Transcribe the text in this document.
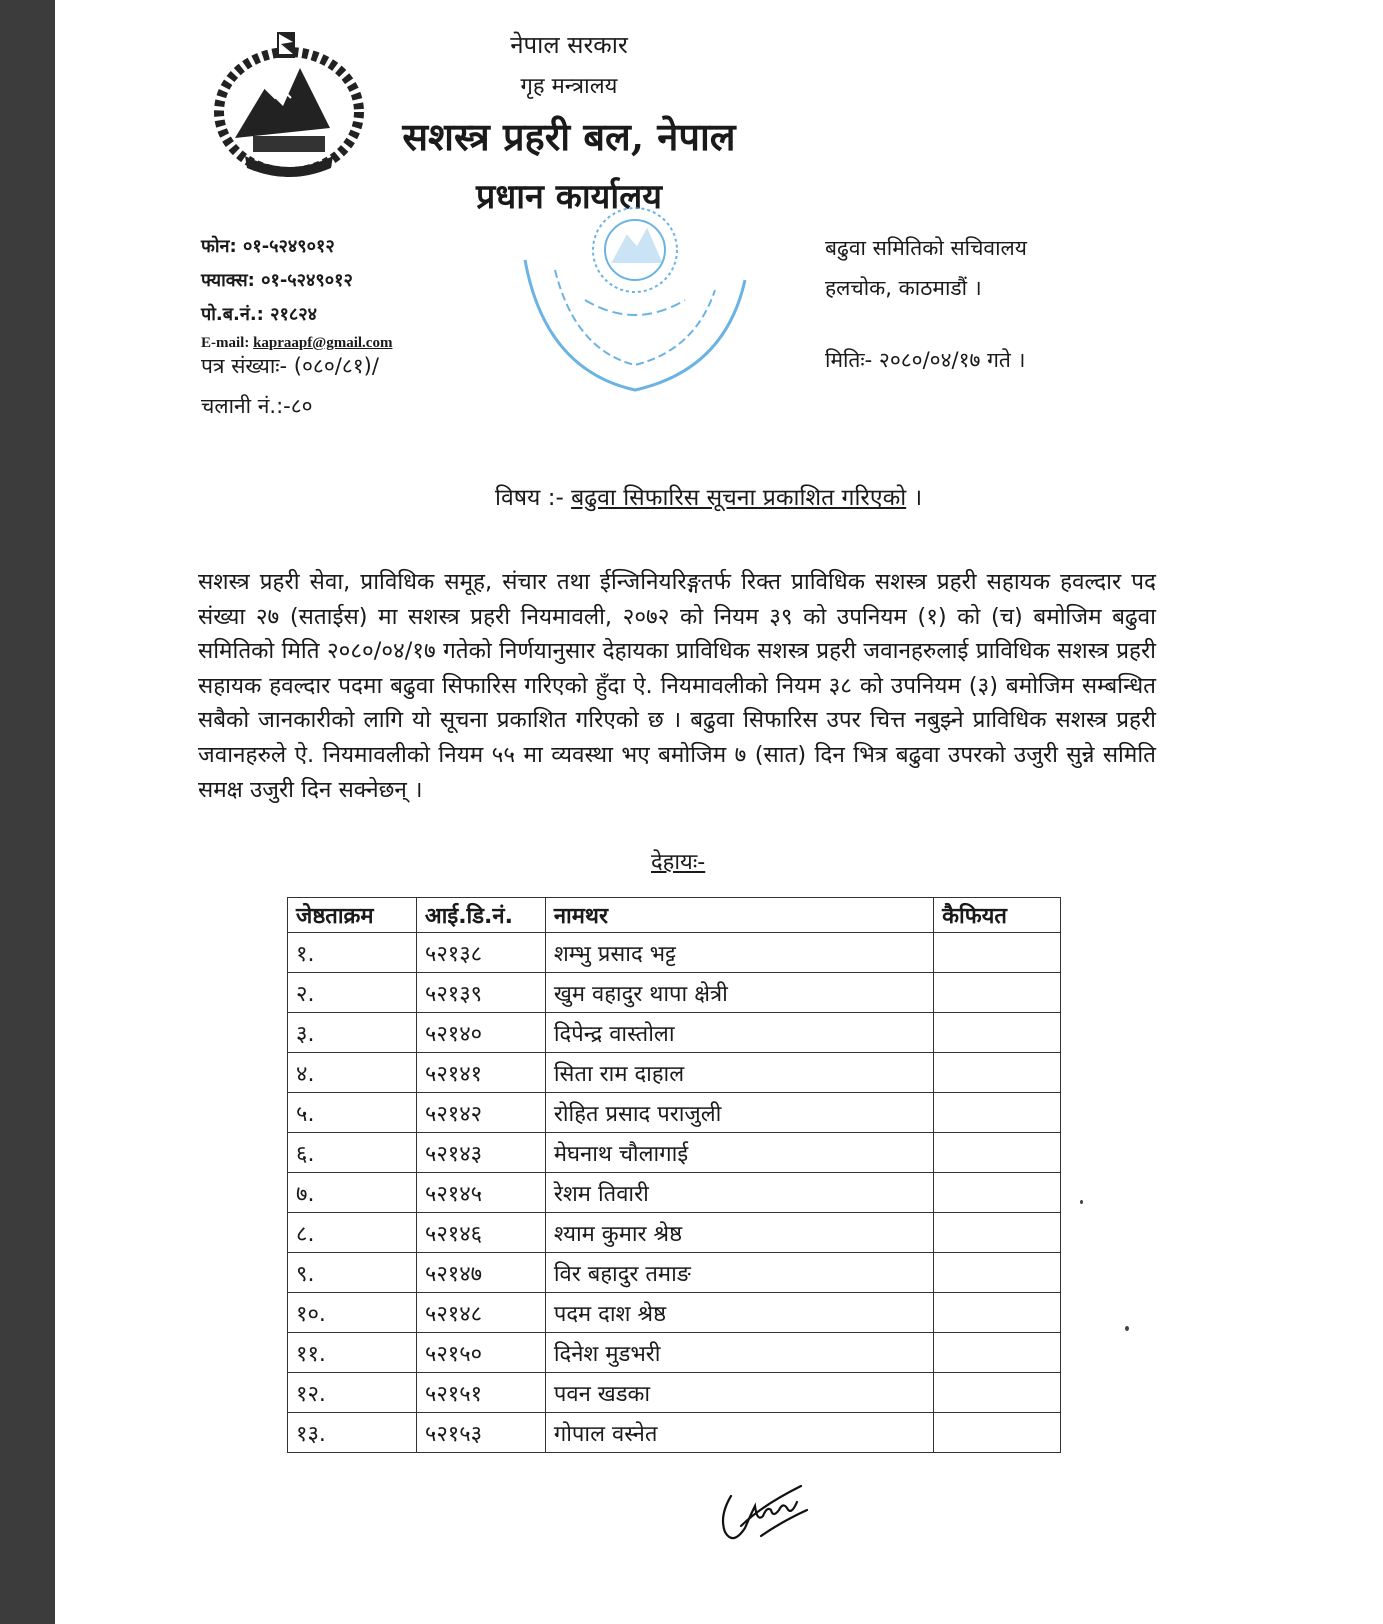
नेपाल सरकार
गृह मन्त्रालय
सशस्त्र प्रहरी बल, नेपाल
प्रधान कार्यालय
फोन: ०१-५२४९०१२
फ्याक्स: ०१-५२४९०१२
पो.ब.नं.: २१८२४
E-mail: kapraapf@gmail.com
पत्र संख्याः- (०८०/८१)/
चलानी नं.:-८०
बढुवा समितिको सचिवालय
हलचोक, काठमाडौं ।
मितिः- २०८०/०४/१७ गते ।
विषय :- बढुवा सिफारिस सूचना प्रकाशित गरिएको ।
सशस्त्र प्रहरी सेवा, प्राविधिक समूह, संचार तथा ईन्जिनियरिङ्गतर्फ रिक्त प्राविधिक सशस्त्र प्रहरी सहायक हवल्दार पद संख्या २७ (सताईस) मा सशस्त्र प्रहरी नियमावली, २०७२ को नियम ३९ को उपनियम (१) को (च) बमोजिम बढुवा समितिको मिति २०८०/०४/१७ गतेको निर्णयानुसार देहायका प्राविधिक सशस्त्र प्रहरी जवानहरुलाई प्राविधिक सशस्त्र प्रहरी सहायक हवल्दार पदमा बढुवा सिफारिस गरिएको हुँदा ऐ. नियमावलीको नियम ३८ को उपनियम (३) बमोजिम सम्बन्धित सबैको जानकारीको लागि यो सूचना प्रकाशित गरिएको छ । बढुवा सिफारिस उपर चित्त नबुझ्ने प्राविधिक सशस्त्र प्रहरी जवानहरुले ऐ. नियमावलीको नियम ५५ मा व्यवस्था भए बमोजिम ७ (सात) दिन भित्र बढुवा उपरको उजुरी सुन्ने समिति समक्ष उजुरी दिन सक्नेछन् ।
देहायः-
जेष्ठताक्रम	आई.डि.नं.	नामथर	कैफियत
१.	५२१३८	शम्भु प्रसाद भट्ट	
२.	५२१३९	खुम वहादुर थापा क्षेत्री	
३.	५२१४०	दिपेन्द्र वास्तोला	
४.	५२१४१	सिता राम दाहाल	
५.	५२१४२	रोहित प्रसाद पराजुली	
६.	५२१४३	मेघनाथ चौलागाई	
७.	५२१४५	रेशम तिवारी	
८.	५२१४६	श्याम कुमार श्रेष्ठ	
९.	५२१४७	विर बहादुर तमाङ	
१०.	५२१४८	पदम दाश श्रेष्ठ	
११.	५२१५०	दिनेश मुडभरी	
१२.	५२१५१	पवन खडका	
१३.	५२१५३	गोपाल वस्नेत	
